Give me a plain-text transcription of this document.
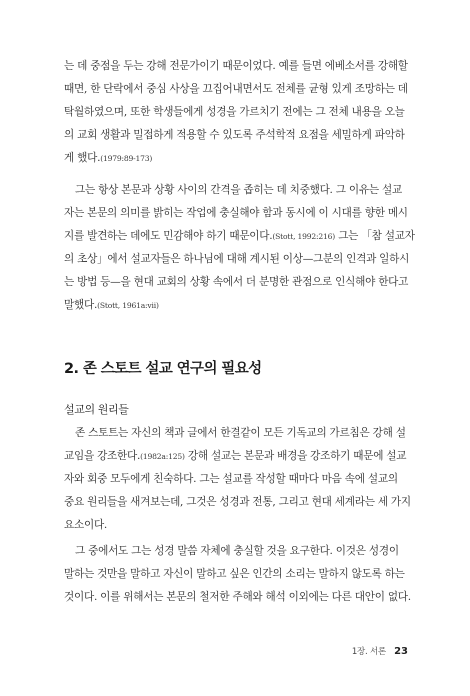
는 데 중점을 두는 강해 전문가이기 때문이었다. 예를 들면 에베소서를 강해할
때면, 한 단락에서 중심 사상을 끄집어내면서도 전체를 균형 있게 조망하는 데
탁월하였으며, 또한 학생들에게 성경을 가르치기 전에는 그 전체 내용을 오늘
의 교회 생활과 밀접하게 적용할 수 있도록 주석학적 요점을 세밀하게 파악하
게 했다.(1979:89-173)
그는 항상 본문과 상황 사이의 간격을 좁히는 데 치중했다. 그 이유는 설교
자는 본문의 의미를 밝히는 작업에 충실해야 함과 동시에 이 시대를 향한 메시
지를 발견하는 데에도 민감해야 하기 때문이다.(Stott, 1992:216) 그는 「참 설교자
의 초상」에서 설교자들은 하나님에 대해 계시된 이상—그분의 인격과 일하시
는 방법 등—을 현대 교회의 상황 속에서 더 분명한 관점으로 인식해야 한다고
말했다.(Stott, 1961a:vii)
2. 존 스토트 설교 연구의 필요성
설교의 원리들
존 스토트는 자신의 책과 글에서 한결같이 모든 기독교의 가르침은 강해 설
교임을 강조한다.(1982a:125) 강해 설교는 본문과 배경을 강조하기 때문에 설교
자와 회중 모두에게 친숙하다. 그는 설교를 작성할 때마다 마음 속에 설교의
중요 원리들을 새겨보는데, 그것은 성경과 전통, 그리고 현대 세계라는 세 가지
요소이다.
그 중에서도 그는 성경 말씀 자체에 충실할 것을 요구한다. 이것은 성경이
말하는 것만을 말하고 자신이 말하고 싶은 인간의 소리는 말하지 않도록 하는
것이다. 이를 위해서는 본문의 철저한 주해와 해석 이외에는 다른 대안이 없다.
1장. 서론 23
